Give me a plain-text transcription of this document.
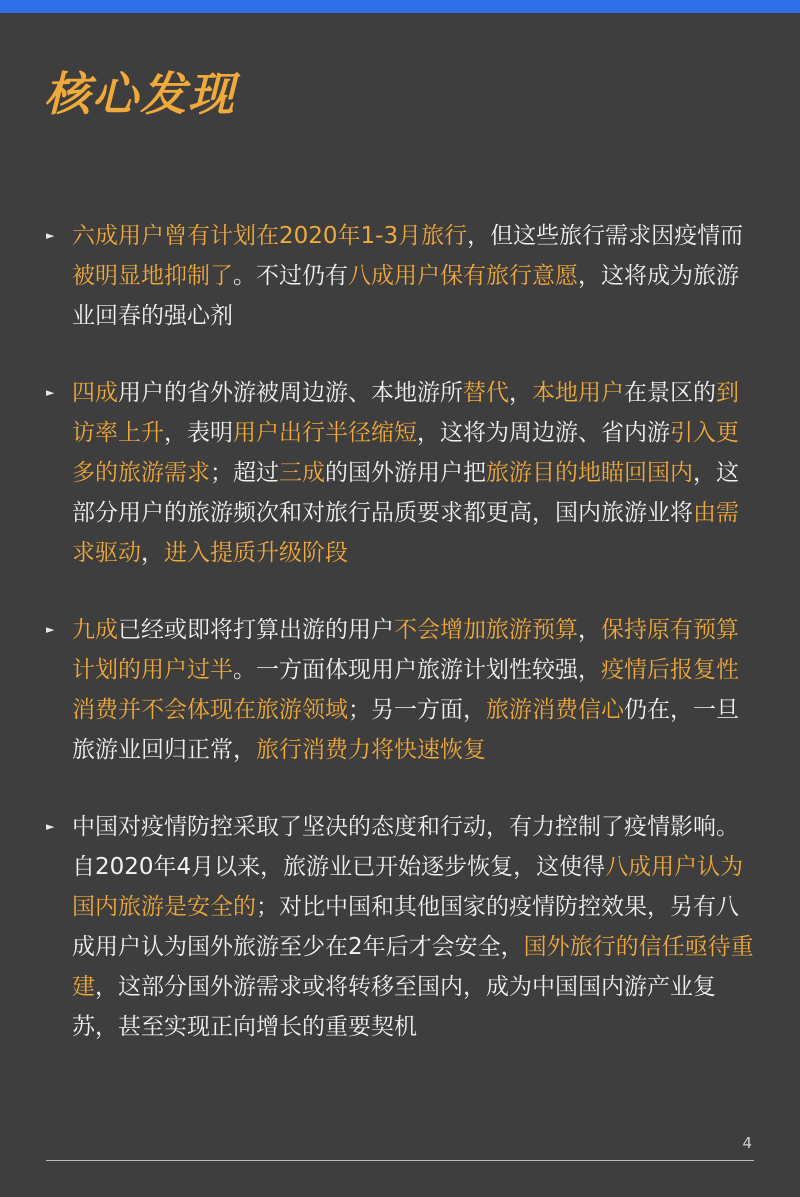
核心发现
► 六成用户曾有计划在2020年1-3月旅行，但这些旅行需求因疫情而被明显地抑制了。不过仍有八成用户保有旅行意愿，这将成为旅游业回春的强心剂
► 四成用户的省外游被周边游、本地游所替代，本地用户在景区的到访率上升，表明用户出行半径缩短，这将为周边游、省内游引入更多的旅游需求；超过三成的国外游用户把旅游目的地瞄回国内，这部分用户的旅游频次和对旅行品质要求都更高，国内旅游业将由需求驱动，进入提质升级阶段
► 九成已经或即将打算出游的用户不会增加旅游预算，保持原有预算计划的用户过半。一方面体现用户旅游计划性较强，疫情后报复性消费并不会体现在旅游领域；另一方面，旅游消费信心仍在，一旦旅游业回归正常，旅行消费力将快速恢复
► 中国对疫情防控采取了坚决的态度和行动，有力控制了疫情影响。自2020年4月以来，旅游业已开始逐步恢复，这使得八成用户认为国内旅游是安全的；对比中国和其他国家的疫情防控效果，另有八成用户认为国外旅游至少在2年后才会安全，国外旅行的信任亟待重建，这部分国外游需求或将转移至国内，成为中国国内游产业复苏，甚至实现正向增长的重要契机
4
